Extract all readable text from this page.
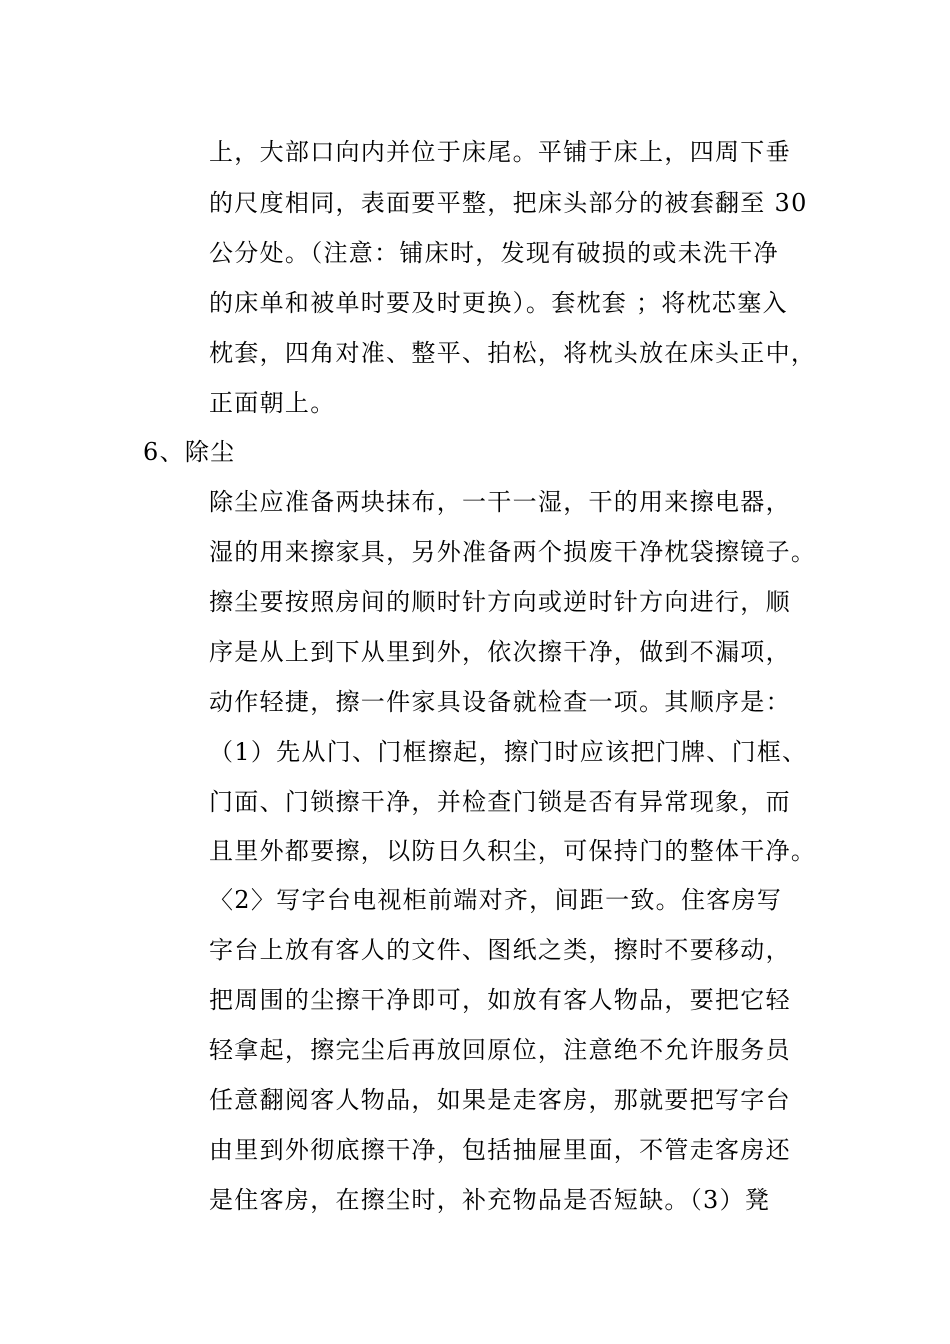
上，大部口向内并位于床尾。平铺于床上，四周下垂
的尺度相同，表面要平整，把床头部分的被套翻至 30
公分处。（注意：铺床时，发现有破损的或未洗干净
的床单和被单时要及时更换）。套枕套 ；将枕芯塞入
枕套，四角对准、整平、拍松，将枕头放在床头正中，
正面朝上。
6、除尘
除尘应准备两块抹布，一干一湿，干的用来擦电器，
湿的用来擦家具，另外准备两个损废干净枕袋擦镜子。
擦尘要按照房间的顺时针方向或逆时针方向进行，顺
序是从上到下从里到外，依次擦干净，做到不漏项，
动作轻捷，擦一件家具设备就检查一项。其顺序是：
（1）先从门、门框擦起，擦门时应该把门牌、门框、
门面、门锁擦干净，并检查门锁是否有异常现象，而
且里外都要擦，以防日久积尘，可保持门的整体干净。
〈2〉写字台电视柜前端对齐，间距一致。住客房写
字台上放有客人的文件、图纸之类，擦时不要移动，
把周围的尘擦干净即可，如放有客人物品，要把它轻
轻拿起，擦完尘后再放回原位，注意绝不允许服务员
任意翻阅客人物品，如果是走客房，那就要把写字台
由里到外彻底擦干净，包括抽屉里面，不管走客房还
是住客房，在擦尘时，补充物品是否短缺。（3）凳
